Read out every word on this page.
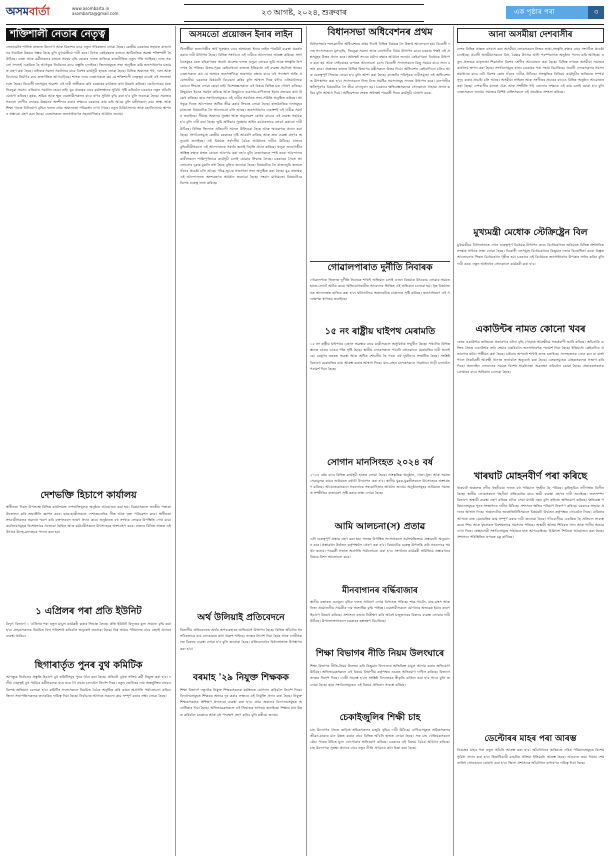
অসমবাৰ্তা	www.asombarta.in
asombarta@gmail.com	২৩ আগষ্ট, ২০২৪, শুক্ৰবাৰ	এক পৃষ্ঠাৰ পৰা	৩
শক্তিশালী নেতাৰ নেতৃত্ব

লেতামেটৰ শাসিত ৰাজ্যত উদ্যোগ আৰু বিকাশৰ বাবে নতুন পৰিকল্পনা লোৱা হৈছে। কেন্দ্ৰীয় চৰকাৰৰ সহায়ত ৰাজ্যখনৰ নিয়মিত উন্নয়ন সম্ভৱ হৈছে বুলি মুখ্যমন্ত্ৰীয়ে দাবী কৰে। বিগত কেইবছৰত ৰাজ্যৰ অৰ্থনৈতিক অৱস্থা শক্তিশালী হৈ উঠিছে। নেতা আৰু কৰ্মীসকলৰ মাজত সমন্বয় বৃদ্ধি হোৱাৰ ফলত ৰাজ্যিক ৰাজনীতিত নতুন গতি আহিছে। দলৰ সকলো সদস্যই একত্ৰিত হৈ আগন্তুক নিৰ্বাচনৰ বাবে প্ৰস্তুতি চলাইছে। জিলাসমূহত সভা অনুষ্ঠিত কৰি জনসাধাৰণৰ মতামত গ্ৰহণ কৰা হৈছে। ৰাইজৰ সমস্যা সমাধানৰ বাবে বিশেষ কাৰ্যসূচী হাতত লোৱা হৈছে। বিভিন্ন অঞ্চলত পথ, দলং আৰু বিদ্যালয় নিৰ্মাণৰ কাম দ্ৰুতগতিত আগবাঢ়িছে। শাসক দলৰ নেতাসকলে কয় যে শক্তিশালী নেতৃত্বৰ বাবেই এই সফলতা লাভ হৈছে। বিৰোধী দলসমূহে অৱশ্যে এই দাবী অস্বীকাৰ কৰি চৰকাৰৰ ব্যৰ্থতাৰ কথা উল্লেখ কৰিছে। তেওঁলোকৰ মতে নিবনুৱা সমস্যা এতিয়াও সমাধান হোৱা নাই। যুৱ প্ৰজন্মৰ বাবে কৰ্মসংস্থানৰ সুবিধা সৃষ্টি কৰিবলৈ চৰকাৰে নতুন আঁচনি ঘোষণা কৰিছে। কৃষক, শ্ৰমিক আৰু ক্ষুদ্ৰ ব্যৱসায়ীসকলৰ বাবে ঋণৰ সুবিধা বৃদ্ধি কৰা হ'ব বুলি জনোৱা হৈছে। সমাজৰ সকলো শ্ৰেণীৰ লোকক উন্নয়নৰ অংশীদাৰ কৰাৰ লক্ষ্যৰে চৰকাৰে কাম কৰি আছে বুলি মন্ত্ৰীসকলে কয়। স্বাস্থ্য আৰু শিক্ষা খণ্ডত বিনিয়োগ বৃদ্ধিৰ ফলত গ্ৰাম্য অঞ্চলতো পৰিৱৰ্তন দেখা গৈছে। নতুন চিকিৎসালয় আৰু মহাবিদ্যালয় স্থাপনৰ প্ৰস্তাৱো গ্ৰহণ কৰা হৈছে। নেতাসকলে জনসাধাৰণক সহযোগিতাৰ আহ্বান জনায়।

দেশভক্তি হিচাপে কাৰ্যালয়

স্বাধীনতা দিৱস উপলক্ষে বিভিন্ন কাৰ্যালয়ত দেশভক্তিমূলক অনুষ্ঠান আয়োজন কৰা হয়। বিষয়াসকলে জাতীয় পতাকা উত্তোলন কৰি শ্ৰদ্ধাঞ্জলি জ্ঞাপন কৰে। ছাত্ৰ-ছাত্ৰীসকলে দেশাত্মবোধক গীত আৰু নৃত্য পৰিৱেশন কৰে। স্বাধীনতা সংগ্ৰামীসকলৰ অৱদান স্মৰণ কৰি বক্তাসকলে ভাষণ প্ৰদান কৰে। অনুষ্ঠানত বহু সংখ্যক লোকৰ উপস্থিতি দেখা যায়। কাৰ্যালয়সমূহক বিশেষভাৱে সজোৱা হৈছিল আৰু কৰ্মচাৰীসকলে উৎসাহেৰে অংশগ্ৰহণ কৰে। ৰাজ্যৰ বিভিন্ন প্ৰান্তত এই উৎসৱ উলহ-মালহেৰে পালন কৰা হয়।

১ এপ্ৰিলৰ পৰা প্ৰতি ইউনিট

বিদ্যুৎ বিভাগে ১ এপ্ৰিলৰ পৰা নতুন মাচুল কাৰ্যকৰী কৰাৰ সিদ্ধান্ত লৈছে। প্ৰতি ইউনিট বিদ্যুতৰ মূল্য সামান্য বৃদ্ধি কৰা হ'ব। গ্ৰাহকসকলক নিয়মিত বিল পৰিশোধ কৰিবলৈ অনুৰোধ জনোৱা হৈছে। নিম্ন আয়ৰ পৰিয়ালৰ বাবে ৰেহাই প্ৰদানৰ ব্যৱস্থা থাকিব।

ছিগাৰাৰ্তৃত পুনৰ বুথ কমিটিক

আগন্তুক নিৰ্বাচনৰ প্ৰস্তুতি হিচাপে বুথ কমিটিসমূহ পুনৰ গঠন কৰা হৈছে। প্ৰতিটো বুথত সক্ৰিয় কৰ্মী নিযুক্ত কৰা হ'ব। দলীয় নেতৃত্বই বুথ পৰ্যায়ৰ কৰ্মীসকলক ঘৰে ঘৰে গৈ প্ৰচাৰ চলাবলৈ নিৰ্দেশ দিছে। নতুন ভোটাৰৰ নাম অন্তৰ্ভুক্তিৰ বাবেও বিশেষ অভিযান চলোৱা হ'ব। কমিটিৰ সদস্যসকলে নিয়মিত বৈঠক অনুষ্ঠিত কৰি কামৰ অগ্ৰগতি পৰ্যালোচনা কৰিব। জিলা সভাপতিসকলক তদাৰকিৰ দায়িত্ব দিয়া হৈছে। নিৰ্বাচনৰ আগতে সকলো কাম সম্পূৰ্ণ কৰাৰ লক্ষ্য লোৱা হৈছে।

অসমতো প্ৰয়োজন ইনাৰ লাইন

খিলঞ্জীয়া জনগোষ্ঠীৰ স্বাৰ্থ সুৰক্ষাৰ বাবে অসমতো ইনাৰ লাইন পাৰমিট ব্যৱস্থা প্ৰৱৰ্তন কৰাৰ দাবী উত্থাপন হৈছে। বিভিন্ন সংগঠনে এই দাবীৰে আন্দোলন আৰম্ভ কৰিছে। সংগঠনসমূহৰ মতে বহিৰাগতৰ অবাধ প্ৰবেশৰ ফলত থলুৱা লোকৰ ভূমি আৰু সংস্কৃতি বিপদাপন্ন হৈ পৰিছে। উত্তৰ-পূৱৰ কেইবাখনো ৰাজ্যত ইতিমধ্যে এই ব্যৱস্থা প্ৰচলিত আছে। নেতাসকলে কয় যে অসমৰ জনসাংখ্যিক ভাৰসাম্য ৰক্ষাৰ বাবে এই পদক্ষেপ অতি প্ৰয়োজনীয়। চৰকাৰে বিষয়টো বিবেচনা কৰিব বুলি আশ্বাস দিছে যদিও এতিয়ালৈকে কোনো সিদ্ধান্ত লোৱা হোৱা নাই। বিশেষজ্ঞসকলে এই বিষয়ে বিভিন্ন মত পোষণ কৰিছে। কিছুমানে ইয়াক সমৰ্থন কৰিছে আৰু কিছুমানে ব্যৱসায়-বাণিজ্যত ইয়াৰ প্ৰভাৱৰ কথা উল্লেখ কৰিছে। ছাত্ৰ সংগঠনসমূহেও এই দাবীৰ সমৰ্থনত সভা-সমিতি অনুষ্ঠিত কৰিছে। আগন্তুক দিনত আন্দোলন অধিক তীব্ৰ কৰাৰ সিদ্ধান্ত লোৱা হৈছে। ৰাজনৈতিক দলসমূহৰ মাজতো বিষয়টোক লৈ আলোচনা চলি আছে। জনসাধাৰণৰ একাংশই এই দাবীক সমৰ্থন জনাইছে। সীমান্ত অঞ্চলৰ সুৰক্ষা আৰু অনুপ্ৰৱেশ ৰোধৰ বাবেও এই ব্যৱস্থা সহায়ক হ'ব বুলি দাবী কৰা হৈছে। ভূমি অধিকাৰ সুৰক্ষাৰ আইন কঠোৰভাৱে বলৱৎ কৰাৰো দাবী উঠিছে। বিভিন্ন জিলাত প্ৰতিবাদী সমদল উলিওৱা হৈছে আৰু স্মাৰকপত্ৰ প্ৰদান কৰা হৈছে। সংগঠনসমূহে কেন্দ্ৰীয় চৰকাৰৰ দৃষ্টি আকৰ্ষণ কৰিছে আৰু দ্ৰুত ব্যৱস্থা গ্ৰহণৰ অনুৰোধ জনাইছে। এই বিষয়ত সৰ্বদলীয় বৈঠক আহ্বানৰ দাবীও উঠিছে। ৰাজ্যৰ বুদ্ধিজীৱীসকলে এই আন্দোলনক সমৰ্থন জনাই বিবৃতি প্ৰদান কৰিছে। থলুৱা জনগোষ্ঠীৰ অস্তিত্ব ৰক্ষাৰ প্ৰশ্নত কোনো আপোচ কৰা নহ'ব বুলি নেতাসকলে স্পষ্ট কৰে। আন্দোলনকাৰীসকলে শান্তিপূৰ্ণভাৱে কাৰ্যসূচী চলাই যোৱাৰ সিদ্ধান্ত লৈছে। চৰকাৰৰ সৈতে আলোচনাৰ দুৱাৰ মুকলি ৰখা হৈছে বুলিও জনোৱা হৈছে। বিষয়টোক লৈ ৰাজ্যজুৰি জনমত গঠনৰ প্ৰচেষ্টা চলি আছে। গাঁৱে-ভূঞে সজাগতা সভা অনুষ্ঠিত কৰা হৈছে। যুৱ প্ৰজন্মক এই আন্দোলনত অংশগ্ৰহণৰ আহ্বান জনোৱা হৈছে। সংবাদ মাধ্যমতো বিষয়টোৱে বিশেষ গুৰুত্ব লাভ কৰিছে।

অৰ্থ উলিয়াই প্ৰতিবেদনে

বিভাগীয় প্ৰতিবেদনত অৰ্থৰ অপব্যৱহাৰৰ অভিযোগ উত্থাপন হৈছে। বিভিন্ন আঁচনিৰ ধন সঠিকভাৱে ব্যয় নোহোৱাৰ কথা প্ৰকাশ পাইছে। তদন্তৰ নিৰ্দেশ দিয়া হৈছে আৰু দোষীসকলৰ বিৰুদ্ধে ব্যৱস্থা লোৱা হ'ব বুলি জনোৱা হৈছে। প্ৰতিবেদনখন বিধানসভাত উপস্থাপন কৰা হ'ব।

বৰমাহ '২৯ নিযুক্ত শিক্ষকক

শিক্ষা বিভাগে নতুনকৈ নিযুক্ত শিক্ষকসকলক কৰ্মস্থলত যোগদান কৰিবলৈ নিৰ্দেশ দিছে। বিদ্যালয়সমূহত শিক্ষকৰ অভাৱ দূৰ কৰাৰ লক্ষ্যৰে এই নিযুক্তি প্ৰদান কৰা হৈছে। নিযুক্ত শিক্ষকসকলক প্ৰশিক্ষণ প্ৰদানৰো ব্যৱস্থা কৰা হ'ব। গ্ৰাম্য অঞ্চলৰ বিদ্যালয়সমূহক অগ্ৰাধিকাৰ দিয়া হৈছে। অভিভাৱকসকলে এই সিদ্ধান্তক স্বাগতম জনাইছে। শিক্ষাৰ মান উন্নত কৰিবলৈ চৰকাৰে আৰু বহু পদক্ষেপ গ্ৰহণ কৰিব বুলি মন্ত্ৰীয়ে জনায়।

বিধানসভা অধিবেশনৰ প্ৰথম

বিধানসভাৰ শৰৎকালীন অধিবেশনৰ প্ৰথম দিনাই বিভিন্ন বিষয়ক লৈ উত্তপ্ত আলোচনা হয়। বিৰোধী দলৰ সদস্যসকলে মূল্যবৃদ্ধি, নিবনুৱা সমস্যা আৰু বানপানীৰ বিষয় উত্থাপন কৰে। চৰকাৰ পক্ষই এই প্ৰশ্নসমূহৰ উত্তৰ প্ৰদান কৰে। অধ্যক্ষই সদনৰ মৰ্যাদা ৰক্ষাৰ আহ্বান জনায়। কেইবাখনো বিধেয়ক উত্থাপন কৰা হয় আৰু সেইবোৰৰ ওপৰত আলোচনা চলে। বিৰোধী সদস্যসকলে কিছু সময়ৰ বাবে সদন বৰ্জন কৰে। প্ৰশ্নোত্তৰ কালত বিভিন্ন বিভাগৰ মন্ত্ৰীসকলে উত্তৰ দিয়ে। অধিবেশন কেইবাদিনো চলিব আৰু গুৰুত্বপূৰ্ণ সিদ্ধান্ত লোৱা হ'ব বুলি আশা কৰা হৈছে। বাজেটৰ পৰিপূৰক দাবীসমূহো এই অধিবেশনত উপস্থাপন কৰা হ'ব। সদস্যসকলে নিজ নিজ সমষ্টিৰ সমস্যাসমূহ সদনত উত্থাপন কৰে। বানপানীৰ ক্ষতিপূৰণৰ বিষয়টোক লৈ তীব্ৰ বাদানুবাদ হয়। চৰকাৰে ক্ষতিগ্ৰস্তসকলক সোনকালে সাহায্য প্ৰদান কৰিব বুলি আশ্বাস দিয়ে। অধিবেশনৰ শেষত অধ্যক্ষই পৰৱৰ্তী দিনৰ কাৰ্যসূচী ঘোষণা কৰে।

গোৱালপাৰাত দুৰ্নীতি নিবাৰক

গোৱালপাৰা জিলাত দুৰ্নীতি নিবাৰক শাখাই অভিযান চলাই এজন বিষয়াক উৎকোচ লোৱাৰ সময়ত হাতে-লোটে আটক কৰে। অভিযোগকাৰীৰ আবেদনৰ ভিত্তিত এই অভিযান চলোৱা হয়। ধৃত বিষয়াজনক আদালতত হাজিৰ কৰা হ'ব। ঘটনাটোৱে অঞ্চলটোত চাঞ্চল্যৰ সৃষ্টি কৰিছে। জনসাধাৰণে এই পদক্ষেপক স্বাগতম জনাইছে।

১৫ নং ৰাষ্ট্ৰীয় ঘাইপথ মেৰামতি

১৫ নং ৰাষ্ট্ৰীয় ঘাইপথৰ বেহাল অৱস্থাৰ বাবে যাত্ৰীসকলে অসুবিধাৰ সন্মুখীন হৈছে। পথটোৰ বিভিন্ন স্থানত ডাঙৰ ডাঙৰ গাঁত সৃষ্টি হৈছে। স্থানীয় লোকসকলে পথটো সোনকালে মেৰামতিৰ দাবী জনাইছে। বৰষুণৰ বতৰত অৱস্থা আৰু অধিক শোচনীয় হৈ পৰে। বহু দুৰ্ঘটনাও সংঘটিত হৈছে। সংশ্লিষ্ট বিভাগে মেৰামতিৰ কাম আৰম্ভ কৰাৰ আশ্বাস দিছে। যান-বাহন চালকসকলে সাৱধানে গাড়ী চলাবলৈ পৰামৰ্শ দিয়া হৈছে।

সোগান মানসিংহত ২০২৪ বৰ্ষ

২০২৪ বৰ্ষৰ বাবে বিভিন্ন কাৰ্যসূচী হাতত লোৱা হৈছে। সাংস্কৃতিক অনুষ্ঠান, খেলা-ধূলা আৰু সমাজসেৱামূলক কামৰ জৰিয়তে বৰ্ষটো উদযাপন কৰা হ'ব। স্থানীয় যুৱক-যুৱতীসকলে উৎসাহেৰে অংশগ্ৰহণ কৰিছে। আয়োজকসকলে সকলোকে সহযোগিতাৰ আহ্বান জনায়। অনুষ্ঠানসমূহৰ জৰিয়তে সমাজত সম্প্ৰীতিৰ বাতাবৰণ সৃষ্টি কৰাৰ লক্ষ্য লোৱা হৈছে।

আমি আলচনা(স) প্ৰতাৱ

এটা গুৰুত্বপূৰ্ণ প্ৰস্তাৱ গ্ৰহণ কৰা হয়। সভাত উপস্থিত সদস্যসকলে সৰ্বসন্মতিক্ৰমে প্ৰস্তাৱটো অনুমোদন কৰে। প্ৰস্তাৱখন উৰ্দ্ধতন কৰ্তৃপক্ষলৈ প্ৰেৰণ কৰা হ'ব। বিষয়টোৰ গুৰুত্ব উপলব্ধি কৰি সকলোৱে সমৰ্থন জনায়। পৰৱৰ্তী সভাত অগ্ৰগতি পৰ্যালোচনা কৰা হ'ব। সংগঠনৰ কাৰ্যকৰী সমিতিয়ে প্ৰস্তাৱখনৰ বিষয়ে বিশদ আলোচনা কৰে।

মীনবাগানৰ বৰ্দ্ধিবাজাৰ

স্থানীয় বজাৰত দ্ৰব্যমূল্য বৃদ্ধিৰ ফলত সাধাৰণ লোক বিপাঙত পৰিছে। শাক-পাচলি, মাছ-মাংস আৰু নিত্য প্ৰয়োজনীয় সামগ্ৰীৰ দাম অত্যধিক বৃদ্ধি পাইছে। ব্যৱসায়ীসকলে যোগানৰ অভাৱক ইয়াৰ কাৰণ হিচাপে উল্লেখ কৰিছে। প্ৰশাসনে বজাৰ নিৰীক্ষণ কৰি অবৈধ মজুতদাৰৰ বিৰুদ্ধে ব্যৱস্থা লোৱাৰ দাবী উঠিছে। উপভোক্তাসকলে চৰকাৰৰ হস্তক্ষেপ বিচাৰিছে।

শিক্ষা বিভাগৰ নীতি নিয়ম উলংঘাৰে

শিক্ষা বিভাগৰ নীতি-নিয়ম উলংঘা কৰি কিছুমান বিদ্যালয়ে অতিৰিক্ত মাচুল আদায় কৰাৰ অভিযোগ উঠিছে। অভিভাৱকসকলে এই বিষয়ে বিভাগীয় কৰ্তৃপক্ষৰ ওচৰত অভিযোগ দাখিল কৰিছে। বিভাগে তদন্তৰ নিৰ্দেশ দিছে। দোষী সাব্যস্ত হ'লে সংশ্লিষ্ট বিদ্যালয়ৰ স্বীকৃতি বাতিল কৰা হ'ব পাৰে বুলি জনোৱা হৈছে। ছাত্ৰ সংগঠনসমূহেও এই বিষয়ে প্ৰতিবাদ সাব্যস্ত কৰিছে।

চেকাইজুলিৰ শিক্ষী চাহ

চাহ উদ্যোগৰ সৈতে জড়িত শ্ৰমিকসকলৰ মজুৰি বৃদ্ধিৰ দাবী উঠিছে। বাগিচাসমূহত শ্ৰমিকসকলৰ জীৱন-যাত্ৰাৰ মান উন্নত কৰাৰ বাবে বিভিন্ন আঁচনি হাতত লোৱা হৈছে। সৰু চাহ খেতিয়কসকলে কেঁচা পাতৰ উচিত মূল্য নোপোৱাৰ অভিযোগ কৰিছে। চৰকাৰে এই বিষয়ে বৈঠক আহ্বান কৰিছে। চাহ উদ্যোগক সুৰক্ষা প্ৰদানৰ বাবে নতুন নীতি প্ৰণয়নৰ কথা চিন্তা কৰা হৈছে।

আনা অসমীয়া দেশবাসীৰ

দেশৰ বিভিন্ন প্ৰান্তত বসবাস কৰা অসমীয়া লোকসকলে নিজৰ ভাষা-সংস্কৃতি ৰক্ষাৰ বাবে সংগঠিত প্ৰচেষ্টা চলাইছে। প্ৰবাসী অসমীয়াসকলে বিহু, বৈষ্ণৱ উৎসৱ আদি পৰম্পৰাগত অনুষ্ঠান পালন কৰি আহিছে। নতুন প্ৰজন্মক মাতৃভাষা শিকাবলৈ বিশেষ শ্ৰেণীৰ আয়োজন কৰা হৈছে। বিভিন্ন নগৰত অসমীয়া সমাজৰ কাৰ্যালয় স্থাপন কৰা হৈছে। সংগঠনসমূহে ৰাজ্য চৰকাৰৰ পৰা সহায় বিচাৰিছে। প্ৰবাসী লোকসকলৰ সমস্যা সমাধানৰ বাবে এটা বিশেষ কোষ গঠনৰ দাবীও উঠিছে। সাংস্কৃতিক বিনিময় কাৰ্যসূচীৰ জৰিয়তে সম্পৰ্ক সুদৃঢ় কৰাৰ প্ৰচেষ্টা চলি আছে। অসমীয়া সাহিত্য আৰু সংগীতৰ প্ৰচাৰৰ বাবেও বিভিন্ন অনুষ্ঠান আয়োজন কৰা হৈছে। দেশবাসীৰ মাজত ঐক্য আৰু সম্প্ৰীতি গঢ়ি তোলাৰ লক্ষ্যৰে এই কাম চলাই যোৱা হ'ব বুলি নেতাসকলে জনায়। সমাজৰ বিশিষ্ট ব্যক্তিসকলে এই প্ৰচেষ্টাক প্ৰশংসা কৰিছে।

মুখ্যমন্ত্ৰী মেধোক স্টেক্ৰিষ্ট্ৰেন বিল

মুখ্যমন্ত্ৰীয়ে বিধানসভাত এখন গুৰুত্বপূৰ্ণ বিধেয়ক উত্থাপন কৰে। বিধেয়কখনৰ জৰিয়তে বিভিন্ন প্ৰশাসনিক সংস্কাৰ সাধনৰ লক্ষ্য লোৱা হৈছে। বিৰোধী দলসমূহে বিধেয়কখনৰ কিছুমান দফাৰ বিৰোধিতা কৰে। বিস্তৃত আলোচনাৰ পিছত বিধেয়কখন গৃহীত হয়। চৰকাৰে এই বিধেয়কে জনসাধাৰণৰ উপকাৰ সাধন কৰিব বুলি দাবী কৰে। নতুন আইনখন সোনকালে কাৰ্যকৰী কৰা হ'ব।

একাউন্টৰ নামত কোনো খবৰ

বেংক একাউন্টৰ জৰিয়তে প্ৰতাৰণাৰ ঘটনা বৃদ্ধি পোৱাত আৰক্ষীয়ে সতৰ্কবাণী জাৰি কৰিছে। অচিনাকি ব্যক্তিৰ সৈতে একাউন্টৰ তথ্য শ্বেয়াৰ নকৰিবলৈ জনসাধাৰণক পৰামৰ্শ দিয়া হৈছে। ইতিমধ্যে কেইবাটাও প্ৰতাৰণাৰ ঘটনা পঞ্জীয়ন কৰা হৈছে। চাইবাৰ অপৰাধ শাখাই তদন্ত চলাইছে। সন্দেহজনক ফোন কল বা বাৰ্তা পালে নিকটৱৰ্তী আৰক্ষী থানাত জনাবলৈ অনুৰোধ কৰা হৈছে। বেংকসমূহেও গ্ৰাহকসকলক সজাগ কৰি দিছে। অনলাইন লেনদেনৰ সময়ত বিশেষ সাৱধানতা অৱলম্বন কৰিবলৈ কোৱা হৈছে। প্ৰতাৰকসকলক গ্ৰেপ্তাৰৰ বাবে অভিযান চলোৱা হৈছে।

খাৰঘাট মোহনবীৰ্ণ পৰা কৰিছে

খাৰঘাট অঞ্চলত নদীৰ খহনীয়াৰ ফলত বহু পৰিয়াল গৃহহীন হৈ পৰিছে। কৃষিভূমিও নদীগৰ্ভত বিলীন হৈছে। স্থানীয় লোকসকলে খহনীয়া প্ৰতিৰোধৰ বাবে স্থায়ী ব্যৱস্থা গ্ৰহণৰ দাবী জনাইছে। জলসম্পদ বিভাগে অস্থায়ী ব্যৱস্থা গ্ৰহণ কৰিছে যদিও সেয়া যথেষ্ট নহয় বুলি ৰাইজে অভিযোগ কৰিছে। ক্ষতিগ্ৰস্ত পৰিয়ালসমূহক পুনৰ সংস্থাপনৰ দাবীও উঠিছে। প্ৰশাসনে ক্ষতিৰ পৰিমাণ নিৰূপণ কৰিছে। চৰকাৰে সাহায্য প্ৰদানৰ আশ্বাস দিছে। অঞ্চলটোৰ জনপ্ৰতিনিধিসকলে বিষয়টো উৰ্দ্ধতন কৰ্তৃপক্ষৰ গোচৰলৈ নিছে। বাৰিষাৰ আগতে বান্ধ মেৰামতিৰ কাম সম্পূৰ্ণ কৰাৰ দাবী জনোৱা হৈছে। গাঁওবাসীয়ে একত্ৰিত হৈ প্ৰতিবাদ সাব্যস্ত কৰে। শিশু আৰু বৃদ্ধসকল বিশেষভাৱে সমস্যাত পৰিছে। অস্থায়ী আশ্ৰয় শিবিৰত খাদ্য আৰু পানীৰ অভাৱ দেখা দিছে। স্বেচ্ছাসেৱী সংগঠনসমূহে সাহায্যৰ হাত আগবঢ়াইছে। চিকিৎসা শিবিৰো আয়োজন কৰা হৈছে। প্ৰশাসনে পৰিস্থিতিৰ ওপৰত চকু ৰাখিছে।

ডেল্টোৰৰ মাহৰ পৰা আৰম্ভ

ডিচেম্বৰ মাহৰ পৰা নতুন আঁচনি আৰম্ভ কৰা হ'ব। আঁচনিখনৰ জৰিয়তে দৰিদ্ৰ পৰিয়ালসমূহক বিশেষ সুবিধা প্ৰদান কৰা হ'ব। হিতাধিকাৰী বাছনিৰ প্ৰক্ৰিয়া ইতিমধ্যে আৰম্ভ হৈছে। আবেদন জমা দিয়াৰ শেষ তাৰিখ সোনকালে ঘোষণা কৰা হ'ব। জিলা প্ৰশাসনক আঁচনিখন ৰূপায়ণৰ দায়িত্ব দিয়া হৈছে।
